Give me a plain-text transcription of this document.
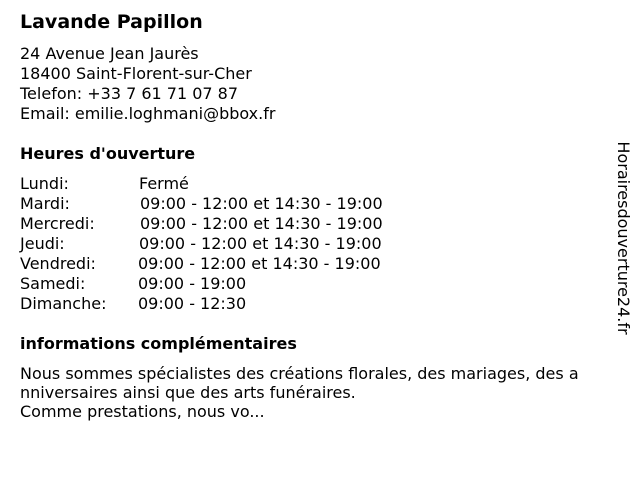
Lavande Papillon
24 Avenue Jean Jaurès
18400 Saint-Florent-sur-Cher
Telefon: +33 7 61 71 07 87
Email: emilie.loghmani@bbox.fr
Heures d'ouverture
Lundi:	Fermé
Mardi:	09:00 - 12:00 et 14:30 - 19:00
Mercredi:	09:00 - 12:00 et 14:30 - 19:00
Jeudi:	09:00 - 12:00 et 14:30 - 19:00
Vendredi:	09:00 - 12:00 et 14:30 - 19:00
Samedi:	09:00 - 19:00
Dimanche:	09:00 - 12:30
informations complémentaires
Nous sommes spécialistes des créations florales, des mariages, des a
nniversaires ainsi que des arts funéraires.
Comme prestations, nous vo...
Horairesdouverture24.fr
